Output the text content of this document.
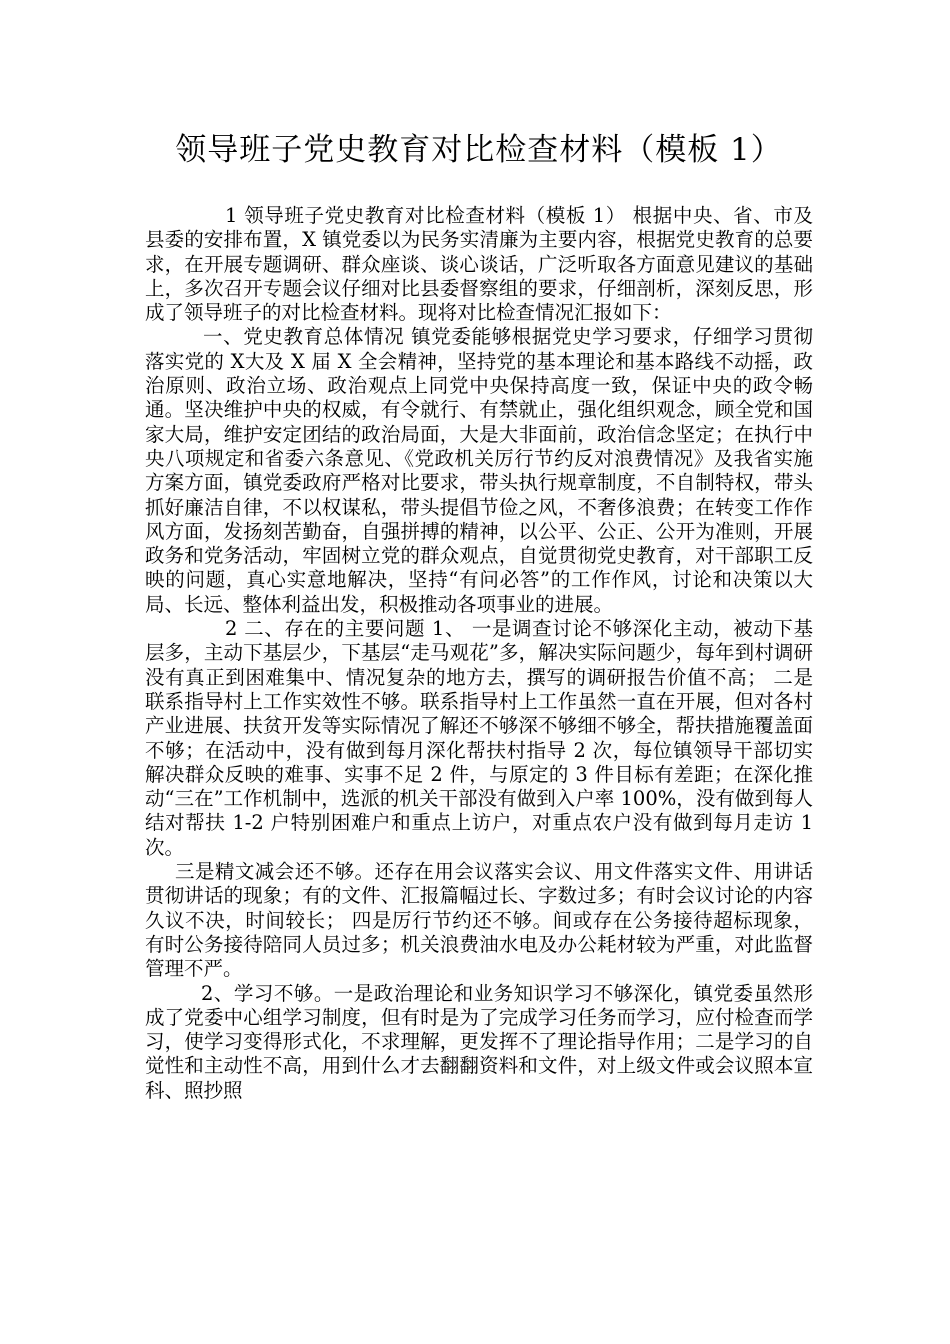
领导班子党史教育对比检查材料（模板 1）

1 领导班子党史教育对比检查材料（模板 1） 根据中央、省、市及县委的安排布置，X 镇党委以为民务实清廉为主要内容，根据党史教育的总要求，在开展专题调研、群众座谈、谈心谈话，广泛听取各方面意见建议的基础上，多次召开专题会议仔细对比县委督察组的要求，仔细剖析，深刻反思，形成了领导班子的对比检查材料。现将对比检查情况汇报如下：

一、党史教育总体情况 镇党委能够根据党史学习要求，仔细学习贯彻落实党的 X大及 X 届 X 全会精神，坚持党的基本理论和基本路线不动摇，政治原则、政治立场、政治观点上同党中央保持高度一致，保证中央的政令畅通。坚决维护中央的权威，有令就行、有禁就止，强化组织观念，顾全党和国家大局，维护安定团结的政治局面，大是大非面前，政治信念坚定；在执行中央八项规定和省委六条意见、《党政机关厉行节约反对浪费情况》及我省实施方案方面，镇党委政府严格对比要求，带头执行规章制度，不自制特权，带头抓好廉洁自律，不以权谋私，带头提倡节俭之风，不奢侈浪费；在转变工作作风方面，发扬刻苦勤奋，自强拼搏的精神，以公平、公正、公开为准则，开展政务和党务活动，牢固树立党的群众观点，自觉贯彻党史教育，对干部职工反映的问题，真心实意地解决，坚持“有问必答”的工作作风，讨论和决策以大局、长远、整体利益出发，积极推动各项事业的进展。

2 二、存在的主要问题 1、 一是调查讨论不够深化主动，被动下基层多，主动下基层少，下基层“走马观花”多，解决实际问题少，每年到村调研没有真正到困难集中、情况复杂的地方去，撰写的调研报告价值不高； 二是联系指导村上工作实效性不够。联系指导村上工作虽然一直在开展，但对各村产业进展、扶贫开发等实际情况了解还不够深不够细不够全，帮扶措施覆盖面不够；在活动中，没有做到每月深化帮扶村指导 2 次，每位镇领导干部切实解决群众反映的难事、实事不足 2 件，与原定的 3 件目标有差距；在深化推动“三在”工作机制中，选派的机关干部没有做到入户率 100%，没有做到每人结对帮扶 1-2 户特别困难户和重点上访户，对重点农户没有做到每月走访 1 次。

三是精文减会还不够。还存在用会议落实会议、用文件落实文件、用讲话贯彻讲话的现象；有的文件、汇报篇幅过长、字数过多；有时会议讨论的内容久议不决，时间较长； 四是厉行节约还不够。间或存在公务接待超标现象，有时公务接待陪同人员过多；机关浪费油水电及办公耗材较为严重，对此监督管理不严。

2、学习不够。一是政治理论和业务知识学习不够深化，镇党委虽然形成了党委中心组学习制度，但有时是为了完成学习任务而学习，应付检查而学习，使学习变得形式化，不求理解，更发挥不了理论指导作用；二是学习的自觉性和主动性不高，用到什么才去翻翻资料和文件，对上级文件或会议照本宣科、照抄照
